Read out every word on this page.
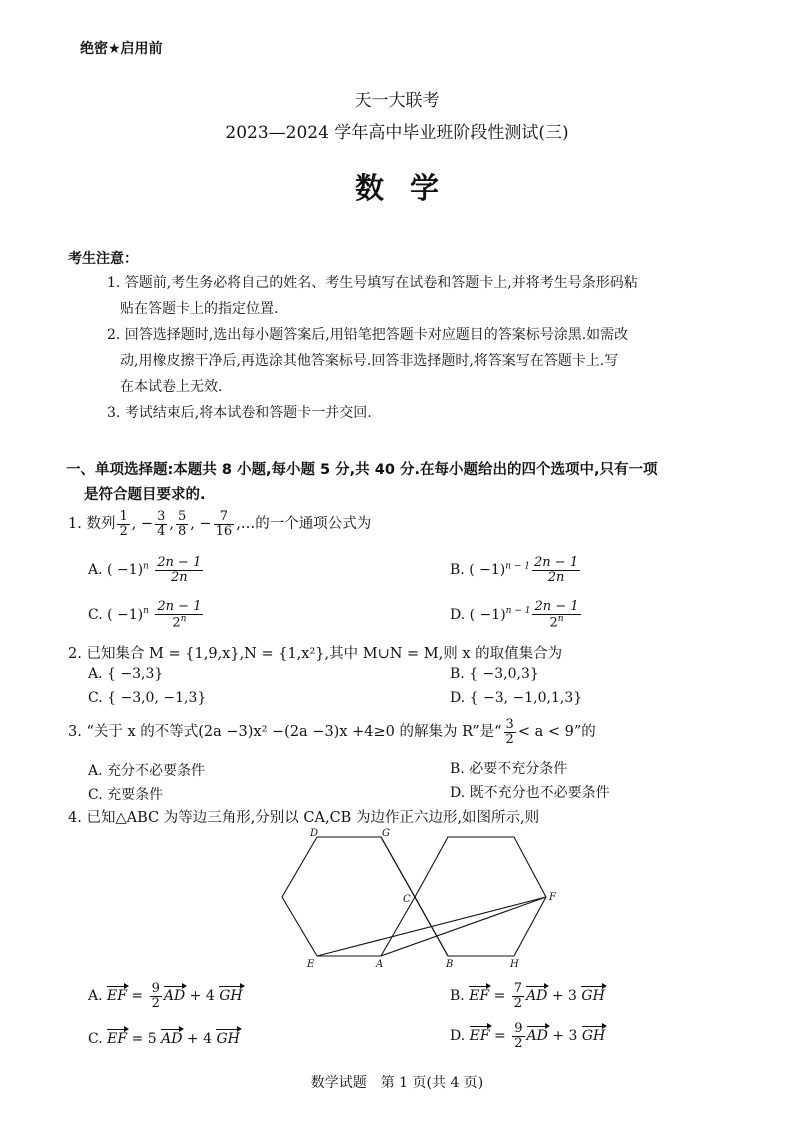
绝密★启用前
天一大联考
2023—2024 学年高中毕业班阶段性测试(三)
数学
考生注意：
1. 答题前,考生务必将自己的姓名、考生号填写在试卷和答题卡上,并将考生号条形码粘
贴在答题卡上的指定位置.
2. 回答选择题时,选出每小题答案后,用铅笔把答题卡对应题目的答案标号涂黑.如需改
动,用橡皮擦干净后,再选涂其他答案标号.回答非选择题时,将答案写在答题卡上.写
在本试卷上无效.
3. 考试结束后,将本试卷和答题卡一并交回.
一、单项选择题:本题共 8 小题,每小题 5 分,共 40 分.在每小题给出的四个选项中,只有一项
是符合题目要求的.
1. 数列 $\frac{1}{2}$ , − $\frac{3}{4}$ , $\frac{5}{8}$ , − $\frac{7}{16}$ ,…的一个通项公式为
A. ( $-1)^n \frac{2n - 1}{2n}$	B. ( $-1)^{n - 1} \frac{2n - 1}{2n}$
C. ( $-1)^n \frac{2n - 1}{2^n}$	D. ( $-1)^{n - 1} \frac{2n - 1}{2^n}$
2. 已知集合 M = {1,9,x},N = {1,x²},其中 M∪N = M,则 x 的取值集合为
A. { −3,3}	B. { −3,0,3}
C. { −3,0, −1,3}	D. { −3, −1,0,1,3}
3. “关于 x 的不等式(2a −3)x² −(2a −3)x +4≥0 的解集为 R”是“ $\frac{3}{2} < a < 9$”的
A. 充分不必要条件	B. 必要不充分条件
C. 充要条件	D. 既不充分也不必要条件
4. 已知△ABC 为等边三角形,分别以 CA,CB 为边作正六边形,如图所示,则
D	G
C	F
E	A	B	H
A. EF = $\frac{9}{2}$ AD + 4 GH	B. EF = $\frac{7}{2}$ AD + 3 GH
C. EF = 5 AD + 4 GH	D. EF = $\frac{9}{2}$ AD + 3 GH
数学试题　第 1 页(共 4 页)
